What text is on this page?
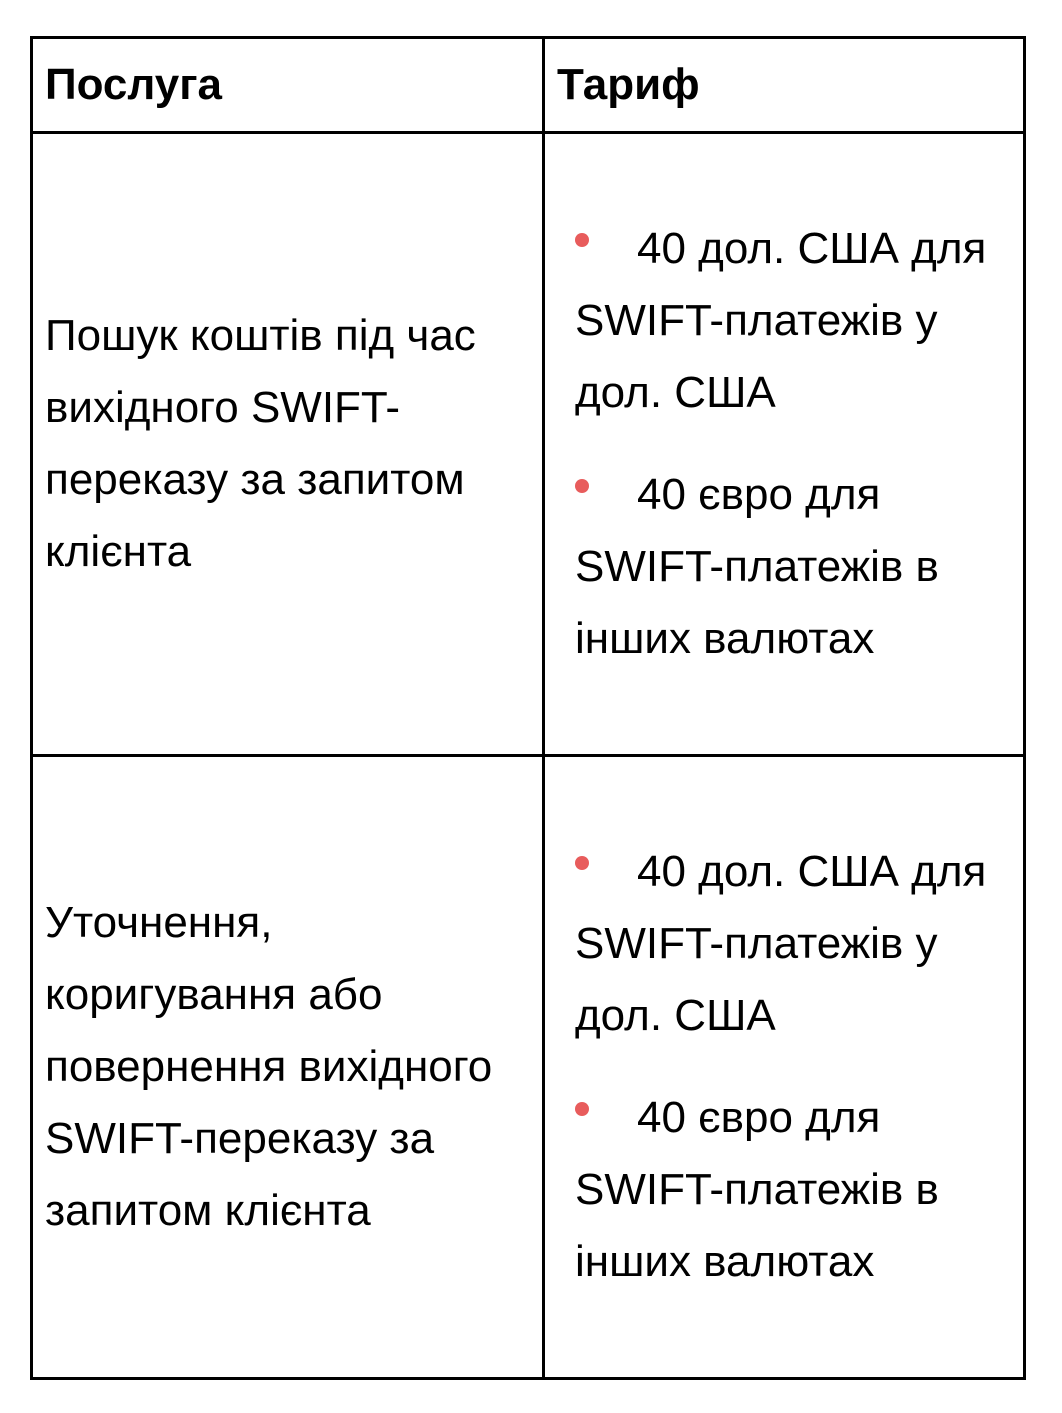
Послуга	Тариф
Пошук коштів під час вихідного SWIFT-переказу за запитом клієнта	40 дол. США для SWIFT-платежів у дол. США

40 євро для SWIFT-платежів в інших валютах

Уточнення, коригування або повернення вихідного SWIFT-переказу за запитом клієнта	40 дол. США для SWIFT-платежів у дол. США

40 євро для SWIFT-платежів в інших валютах
